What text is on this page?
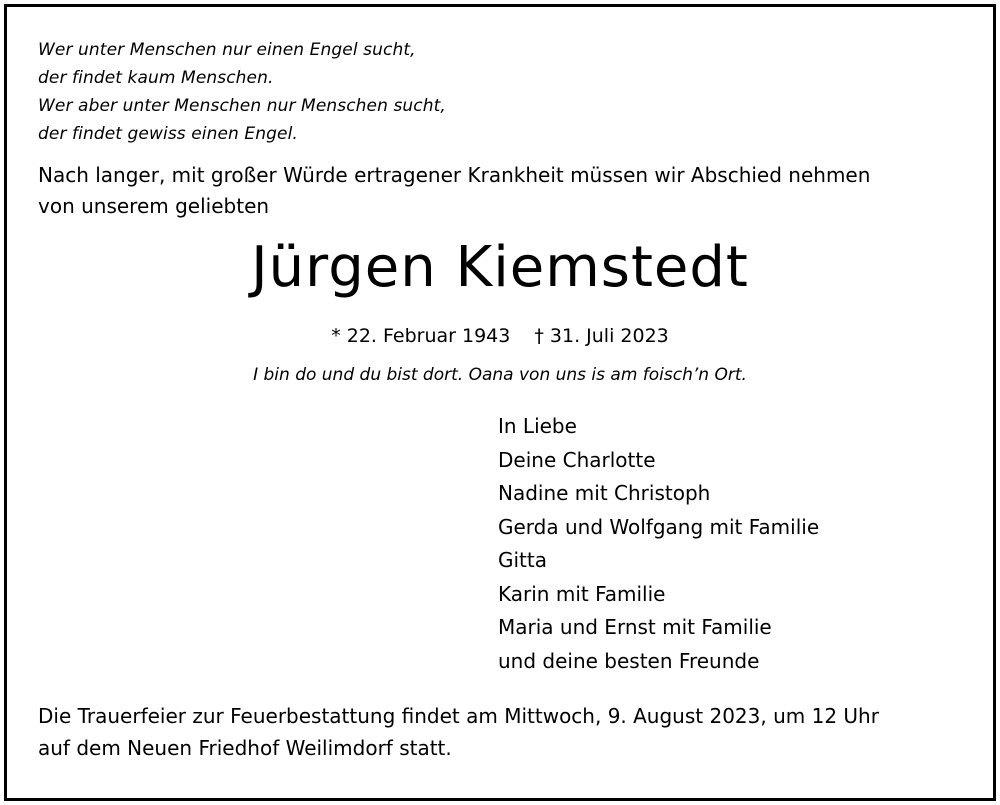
Wer unter Menschen nur einen Engel sucht,
der findet kaum Menschen.
Wer aber unter Menschen nur Menschen sucht,
der findet gewiss einen Engel.
Nach langer, mit großer Würde ertragener Krankheit müssen wir Abschied nehmen
von unserem geliebten
Jürgen Kiemstedt
* 22. Februar 1943 † 31. Juli 2023
I bin do und du bist dort. Oana von uns is am foisch’n Ort.
In Liebe
Deine Charlotte
Nadine mit Christoph
Gerda und Wolfgang mit Familie
Gitta
Karin mit Familie
Maria und Ernst mit Familie
und deine besten Freunde
Die Trauerfeier zur Feuerbestattung findet am Mittwoch, 9. August 2023, um 12 Uhr
auf dem Neuen Friedhof Weilimdorf statt.
